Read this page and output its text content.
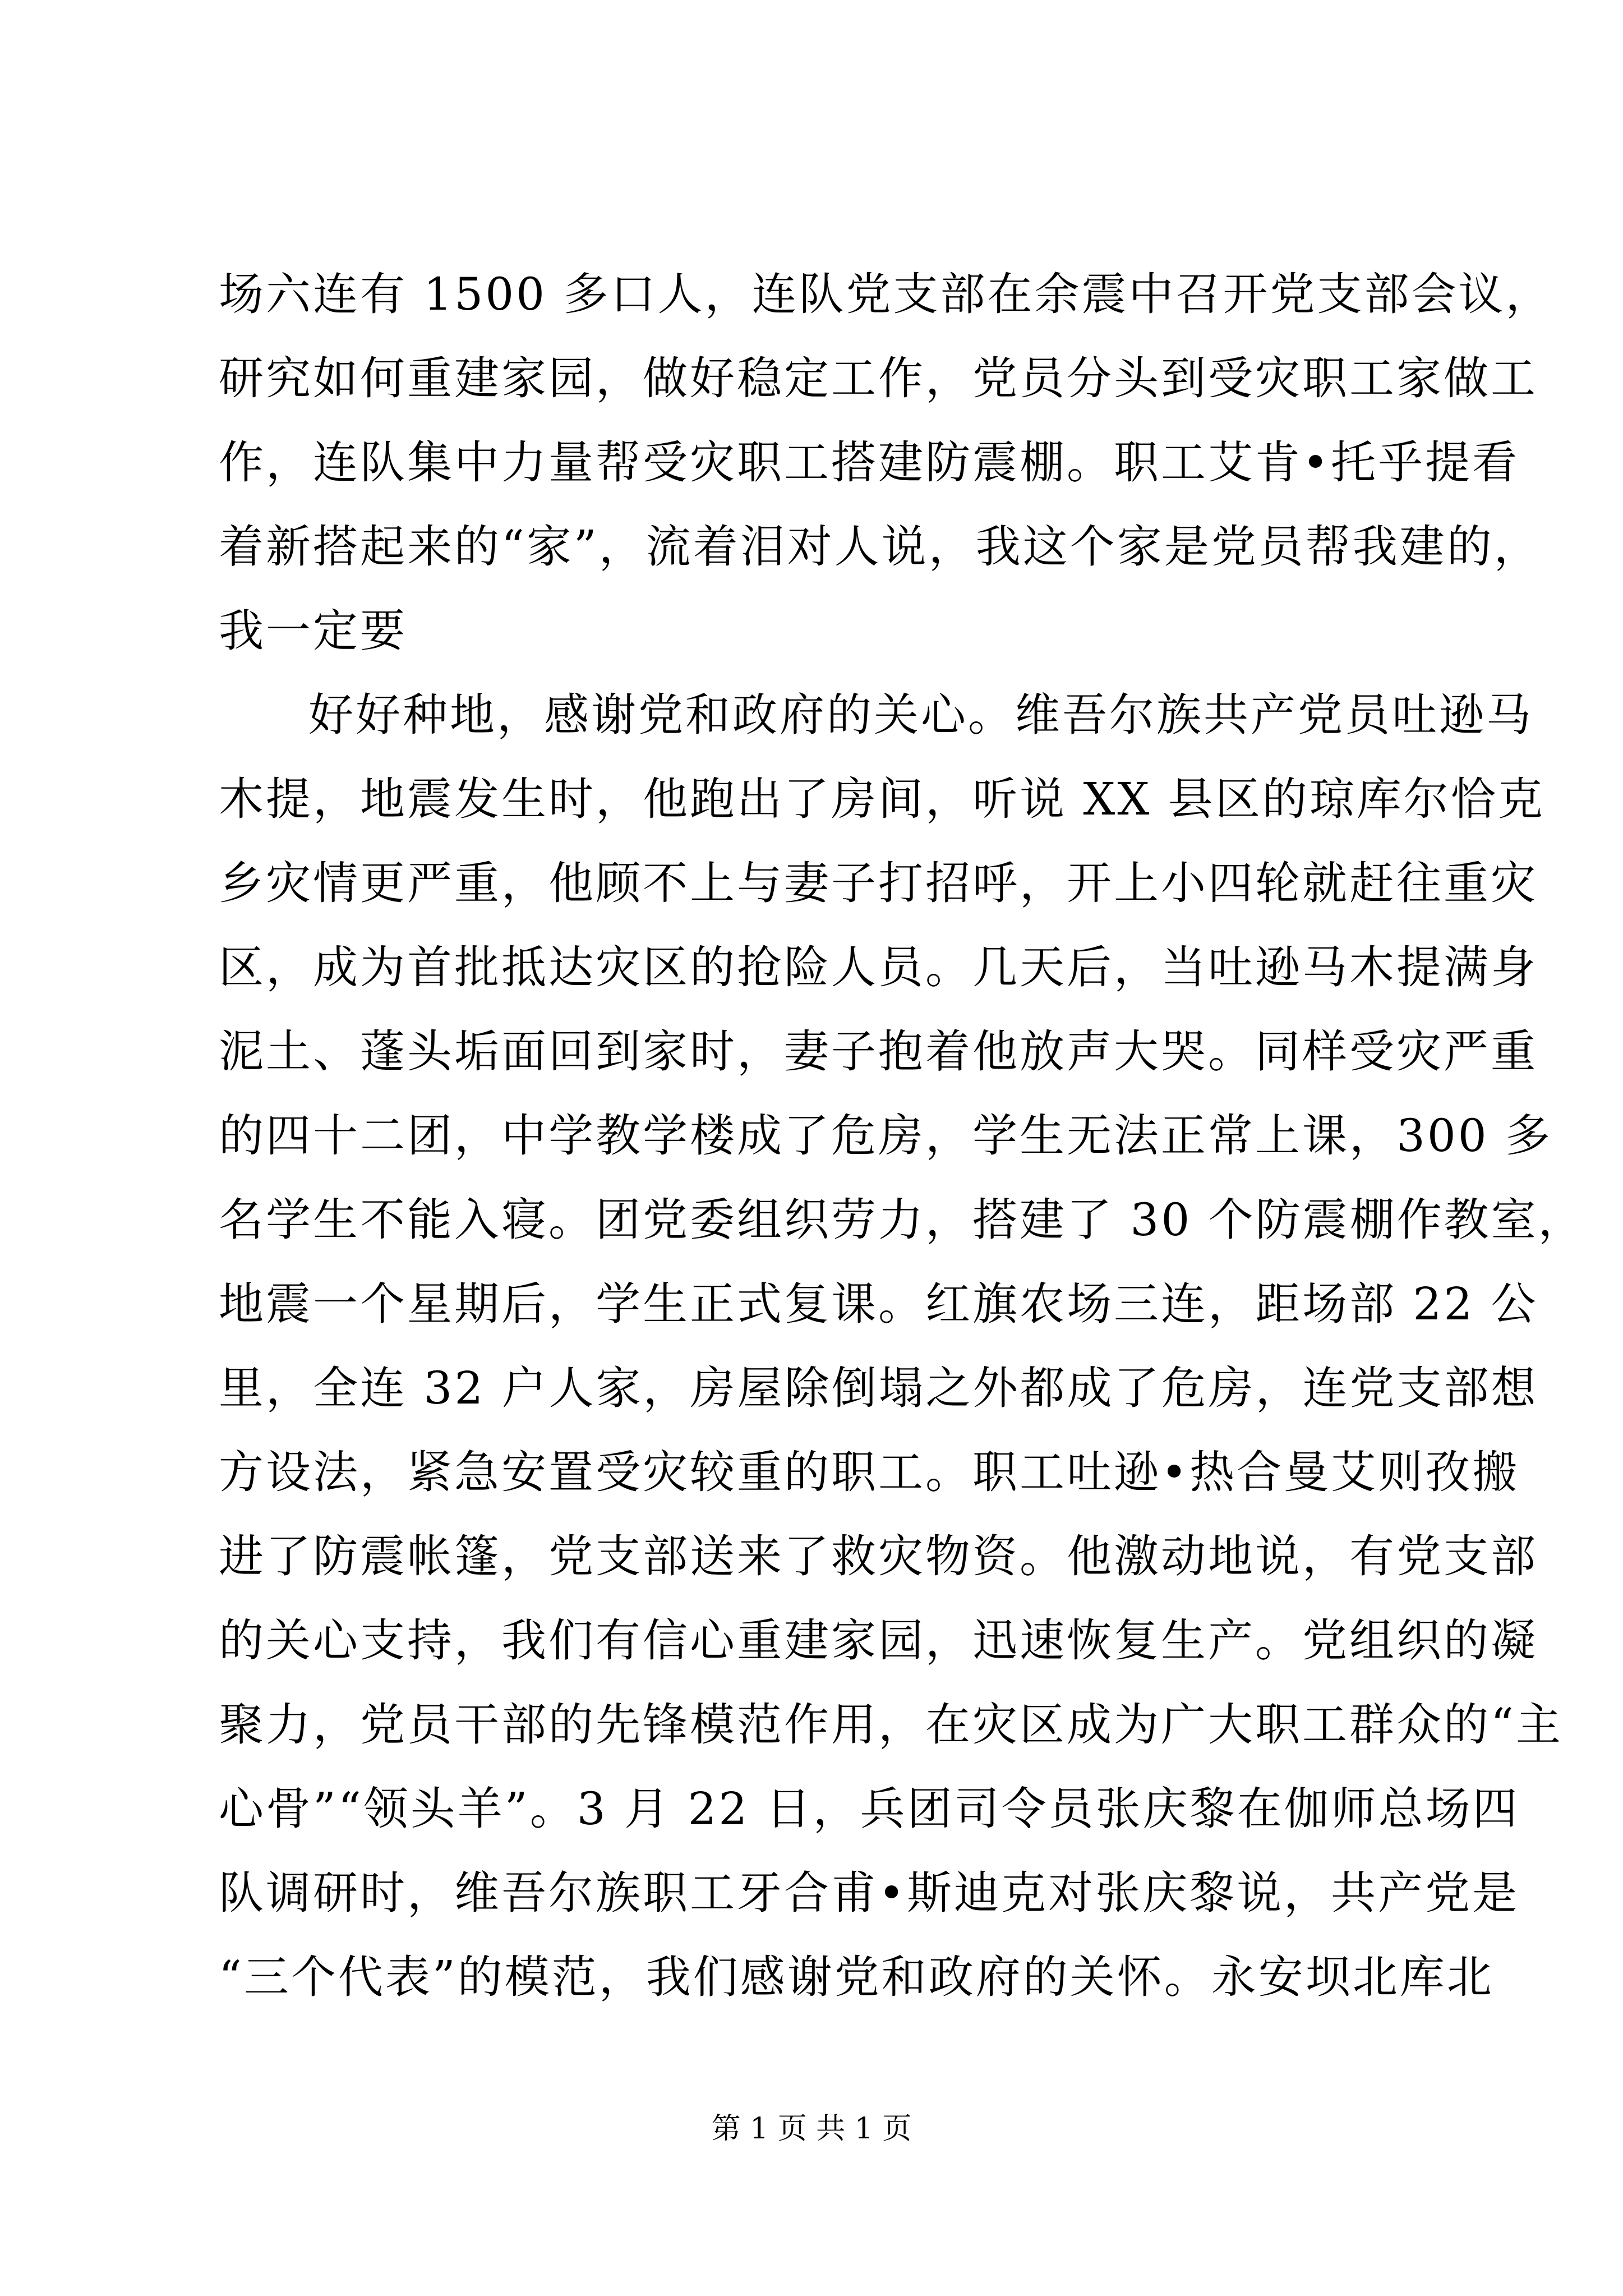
场六连有 1500 多口人，连队党支部在余震中召开党支部会议，
研究如何重建家园，做好稳定工作，党员分头到受灾职工家做工
作，连队集中力量帮受灾职工搭建防震棚。职工艾肯•托乎提看
着新搭起来的“家”，流着泪对人说，我这个家是党员帮我建的，
我一定要
好好种地，感谢党和政府的关心。维吾尔族共产党员吐逊马
木提，地震发生时，他跑出了房间，听说 XX 县区的琼库尔恰克
乡灾情更严重，他顾不上与妻子打招呼，开上小四轮就赶往重灾
区，成为首批抵达灾区的抢险人员。几天后，当吐逊马木提满身
泥土、蓬头垢面回到家时，妻子抱着他放声大哭。同样受灾严重
的四十二团，中学教学楼成了危房，学生无法正常上课，300 多
名学生不能入寝。团党委组织劳力，搭建了 30 个防震棚作教室，
地震一个星期后，学生正式复课。红旗农场三连，距场部 22 公
里，全连 32 户人家，房屋除倒塌之外都成了危房，连党支部想
方设法，紧急安置受灾较重的职工。职工吐逊•热合曼艾则孜搬
进了防震帐篷，党支部送来了救灾物资。他激动地说，有党支部
的关心支持，我们有信心重建家园，迅速恢复生产。党组织的凝
聚力，党员干部的先锋模范作用，在灾区成为广大职工群众的“主
心骨”“领头羊”。3 月 22 日，兵团司令员张庆黎在伽师总场四
队调研时，维吾尔族职工牙合甫•斯迪克对张庆黎说，共产党是
“三个代表”的模范，我们感谢党和政府的关怀。永安坝北库北
第 1 页 共 1 页
